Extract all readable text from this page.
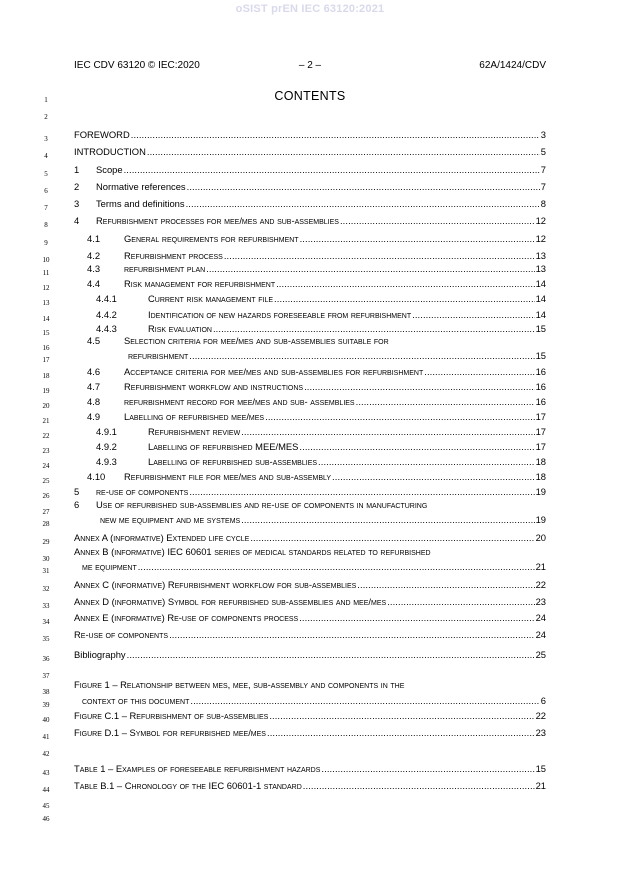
oSIST prEN IEC 63120:2021
IEC CDV 63120 © IEC:2020	– 2 –	62A/1424/CDV
CONTENTS
1
2
3
4
5
6
7
8
9
10
11
12
13
14
15
16
17
18
19
20
21
22
23
24
25
26
27
28
29
30
31
32
33
34
35
36
37
38
39
40
41
42
43
44
45
46
FOREWORD .....	3
INTRODUCTION .....	5
1	Scope .....	7
2	Normative references .....	7
3	Terms and definitions .....	8
4	Refurbishment processes for mee/mes and sub-assemblies .....	12
4.1	General requirements for refurbishment .....	12
4.2	Refurbishment process .....	13
4.3	refurbishment plan .....	13
4.4	Risk management for refurbishment .....	14
4.4.1	Current risk management file .....	14
4.4.2	Identification of new hazards foreseeable from refurbishment .....	14
4.4.3	Risk evaluation .....	15
4.5	Selection criteria for mee/mes and sub-assemblies suitable for
refurbishment .....	15
4.6	Acceptance criteria for mee/mes and sub-assemblies for refurbishment .....	16
4.7	Refurbishment workflow and instructions .....	16
4.8	refurbishment record for mee/mes and sub- assemblies .....	16
4.9	Labelling of refurbished mee/mes .....	17
4.9.1	Refurbishment review .....	17
4.9.2	Labelling of refurbished MEE/MES .....	17
4.9.3	Labelling of refurbished sub-assemblies .....	18
4.10	Refurbishment file for mee/mes and sub-assembly .....	18
5	re-use of components .....	19
6 Use of refurbished sub-assemblies and re-use of components in manufacturing
new me equipment and me systems .....	19
Annex A (informative) Extended life cycle .....	20
Annex B (informative) IEC 60601 series of medical standards related to refurbished
me equipment .....	21
Annex C (informative) Refurbishment workflow for sub-assemblies .....	22
Annex D (informative) Symbol for refurbished sub-assemblies and mee/mes .....	23
Annex E (informative) Re-use of components process .....	24
Re-use of components .....	24
Bibliography .....	25
Figure 1 – Relationship between mes, mee, sub-assembly and components in the
context of this document .....	6
Figure C.1 – Refurbishment of sub-assemblies .....	22
Figure D.1 – Symbol for refurbished mee/mes .....	23
Table 1 – Examples of foreseeable refurbishment hazards .....	15
Table B.1 – Chronology of the IEC 60601-1 standard .....	21
